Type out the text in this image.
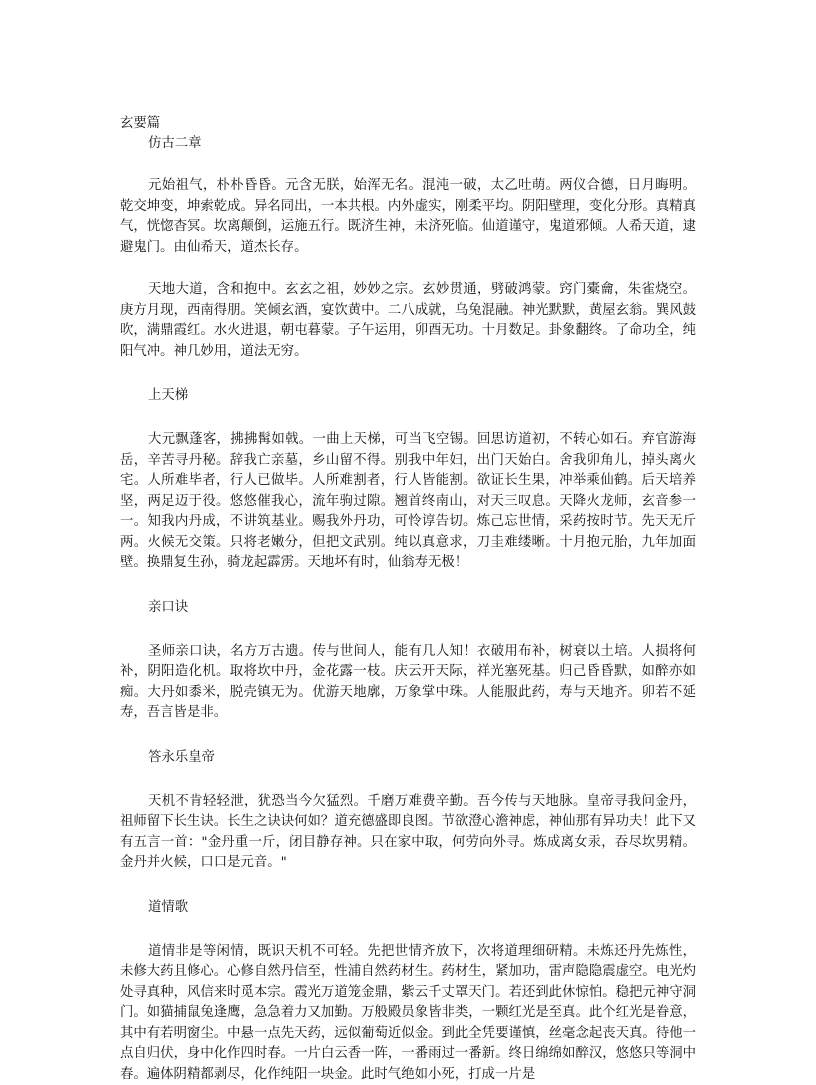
玄要篇
仿古二章

元始祖气，朴朴昏昏。元含无朕，始浑无名。混沌一破，太乙吐萌。两仪合德，日月晦明。乾交坤变，坤索乾成。异名同出，一本共根。内外虚实，刚柔平均。阴阳壁理，变化分形。真精真气，恍惚杳冥。坎离颠倒，运施五行。既济生神，未济死临。仙道谨守，鬼道邪倾。人希天道，逮避鬼门。由仙希天，道杰长存。

天地大道，含和抱中。玄玄之祖，妙妙之宗。玄妙贯通，劈破鸿蒙。窍门橐龠，朱雀烧空。庚方月现，西南得朋。笑倾玄酒，宴饮黄中。二八成就，乌兔混融。神光默默，黄屋玄翁。巽风鼓吹，满鼎霞红。水火进退，朝屯暮蒙。子午运用，卯酉无功。十月数足。卦象翻终。了命功全，纯阳气冲。神几妙用，道法无穷。

上天梯

大元飘蓬客，拂拂髯如戟。一曲上天梯，可当飞空锡。回思访道初，不转心如石。弃官游海岳，辛苦寻丹秘。辞我亡亲墓，乡山留不得。别我中年妇，出门天始白。舍我卯角儿，掉头离火宅。人所难毕者，行人已做毕。人所难割者，行人皆能割。欲证长生果，冲举乘仙鹤。后天培养坚，两足迈于役。悠悠催我心，流年驹过隙。翘首终南山，对天三叹息。天降火龙师，玄音参一一。知我内丹成，不讲筑基业。赐我外丹功，可怜谆告切。炼己忘世情，采药按时节。先天无斤两。火候无交策。只将老嫩分，但把文武别。纯以真意求，刀圭难缕晰。十月抱元胎，九年加面壁。换鼎复生孙，骑龙起霹雳。天地坏有时，仙翁寿无极！

亲口诀

圣师亲口诀，名方万古遗。传与世间人，能有几人知！衣破用布补，树衰以土培。人损将何补，阴阳造化机。取将坎中丹，金花露一枝。庆云开天际，祥光塞死基。归己昏昏默，如醉亦如痴。大丹如黍米，脱壳镇无为。优游天地廓，万象掌中珠。人能服此药，寿与天地齐。卯若不延寿，吾言皆是非。

答永乐皇帝

天机不肯轻轻泄，犹恐当今欠猛烈。千磨万难费辛勤。吾今传与天地脉。皇帝寻我问金丹，祖师留下长生诀。长生之诀诀何如？道充德盛即良图。节欲澄心澹神虑，神仙那有异功夫！此下又有五言一首："金丹重一斤，闭目静存神。只在家中取，何劳向外寻。炼成离女汞，吞尽坎男精。金丹并火候，口口是元音。"

道情歌

道情非是等闲情，既识天机不可轻。先把世情齐放下，次将道理细研精。未炼还丹先炼性，未修大药且修心。心修自然丹信至，性浦自然药材生。药材生，紧加功，雷声隐隐震虚空。电光灼处寻真种，风信来时觅本宗。霞光万道笼金鼎，紫云千丈罩天门。若还到此休惊怕。稳把元神守洞门。如猫捕鼠兔逢鹰，急急着力又加勤。万般殿员象皆非类，一颗红光是至真。此个红光是眷意，其中有若明窗尘。中悬一点先天药，远似葡萄近似金。到此全凭要谨慎，丝毫念起丧天真。待他一点自归伏，身中化作四时春。一片白云香一阵，一番雨过一番新。终日绵绵如醉汉，悠悠只等洞中春。遍体阴精都剥尽，化作纯阳一块金。此时气绝如小死，打成一片是
